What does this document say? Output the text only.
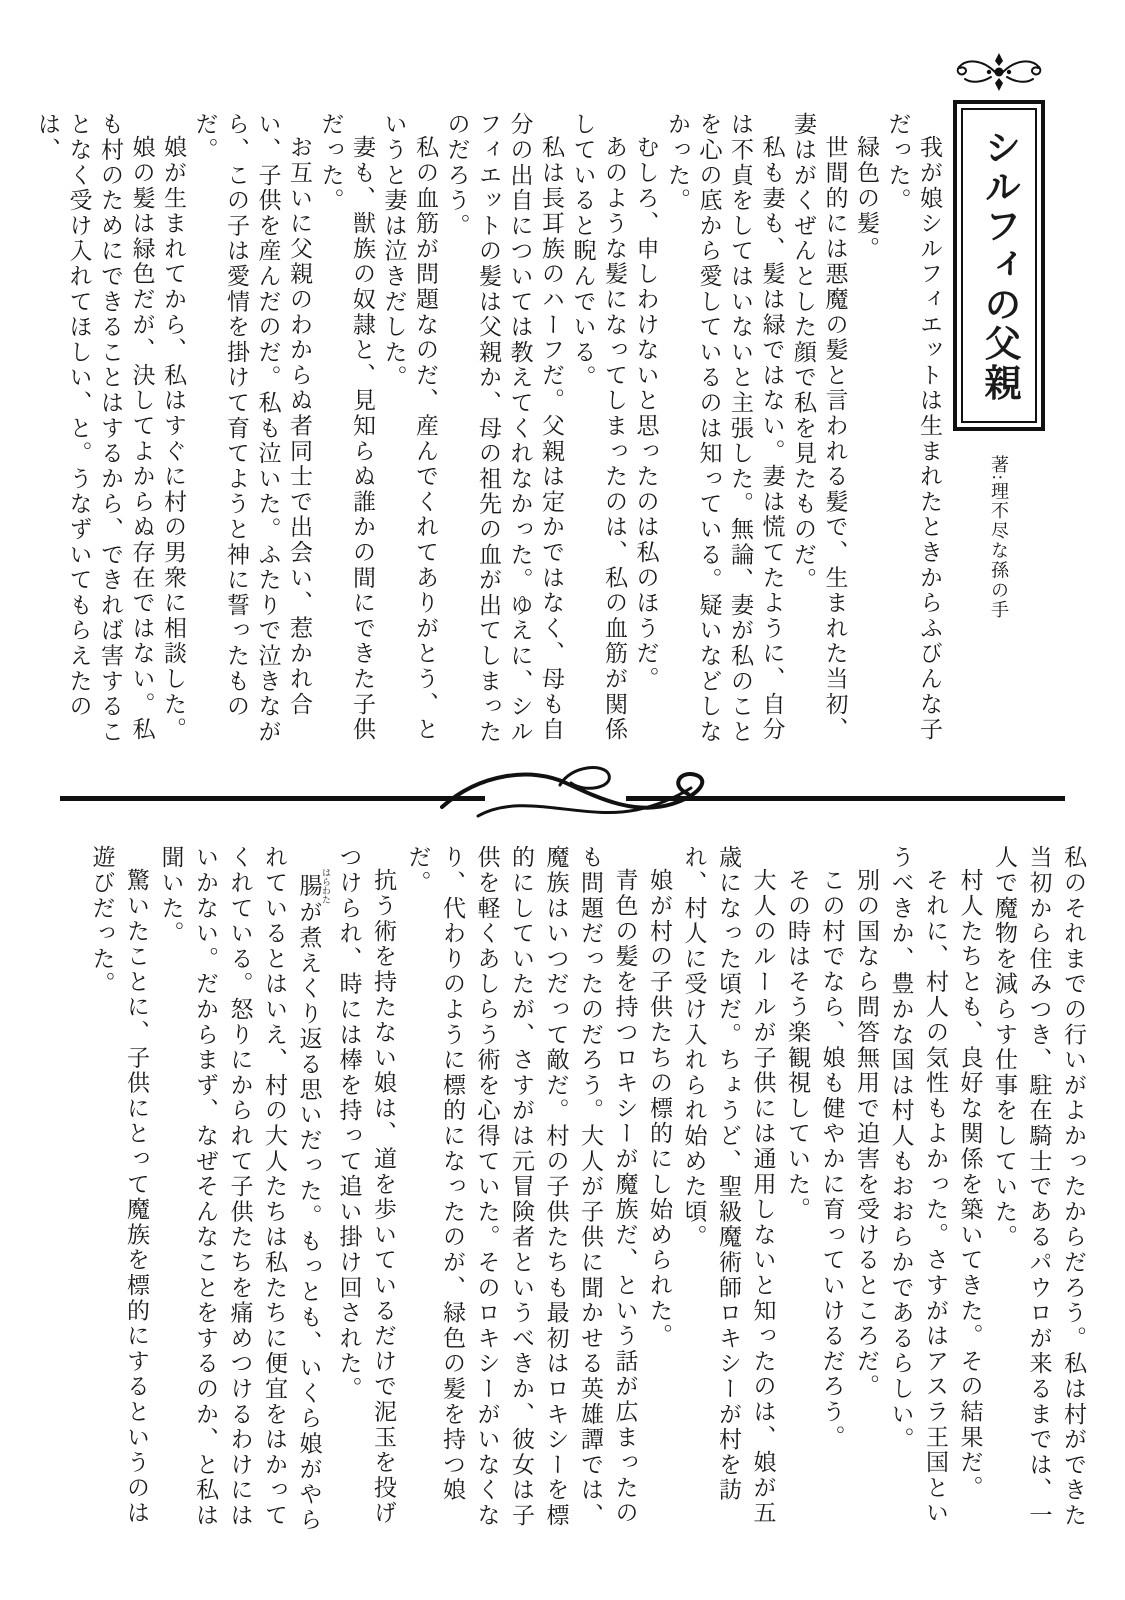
シルフィの父親
著:理不尽な孫の手

我が娘シルフィエットは生まれたときからふびんな子だった。

緑色の髪。

世間的には悪魔の髪と言われる髪で、生まれた当初、妻はがくぜんとした顔で私を見たものだ。

私も妻も、髪は緑ではない。妻は慌てたように、自分は不貞をしてはいないと主張した。無論、妻が私のことを心の底から愛しているのは知っている。疑いなどしなかった。

むしろ、申しわけないと思ったのは私のほうだ。

あのような髪になってしまったのは、私の血筋が関係していると睨んでいる。

私は長耳族のハーフだ。父親は定かではなく、母も自分の出自については教えてくれなかった。ゆえに、シルフィエットの髪は父親か、母の祖先の血が出てしまったのだろう。

私の血筋が問題なのだ、産んでくれてありがとう、というと妻は泣きだした。

妻も、獣族の奴隷と、見知らぬ誰かの間にできた子供だった。

お互いに父親のわからぬ者同士で出会い、惹かれ合い、子供を産んだのだ。私も泣いた。ふたりで泣きながら、この子は愛情を掛けて育てようと神に誓ったものだ。

娘が生まれてから、私はすぐに村の男衆に相談した。

娘の髪は緑色だが、決してよからぬ存在ではない。私も村のためにできることはするから、できれば害することなく受け入れてほしい、と。うなずいてもらえたのは、

私のそれまでの行いがよかったからだろう。私は村ができた当初から住みつき、駐在騎士であるパウロが来るまでは、一人で魔物を減らす仕事をしていた。

村人たちとも、良好な関係を築いてきた。その結果だ。

それに、村人の気性もよかった。さすがはアスラ王国というべきか、豊かな国は村人もおおらかであるらしい。

別の国なら問答無用で迫害を受けるところだ。

この村でなら、娘も健やかに育っていけるだろう。

その時はそう楽観視していた。

大人のルールが子供には通用しないと知ったのは、娘が五歳になった頃だ。ちょうど、聖級魔術師ロキシーが村を訪れ、村人に受け入れられ始めた頃。

娘が村の子供たちの標的にし始められた。

青色の髪を持つロキシーが魔族だ、という話が広まったのも問題だったのだろう。大人が子供に聞かせる英雄譚では、魔族はいつだって敵だ。村の子供たちも最初はロキシーを標的にしていたが、さすがは元冒険者というべきか、彼女は子供を軽くあしらう術を心得ていた。そのロキシーがいなくなり、代わりのように標的になったのが、緑色の髪を持つ娘だ。

抗う術を持たない娘は、道を歩いているだけで泥玉を投げつけられ、時には棒を持って追い掛け回された。

腸 はらわたが煮えくり返る思いだった。もっとも、いくら娘がやられているとはいえ、村の大人たちは私たちに便宜をはかってくれている。怒りにかられて子供たちを痛めつけるわけにはいかない。だからまず、なぜそんなことをするのか、と私は聞いた。

驚いたことに、子供にとって魔族を標的にするというのは遊びだった。
